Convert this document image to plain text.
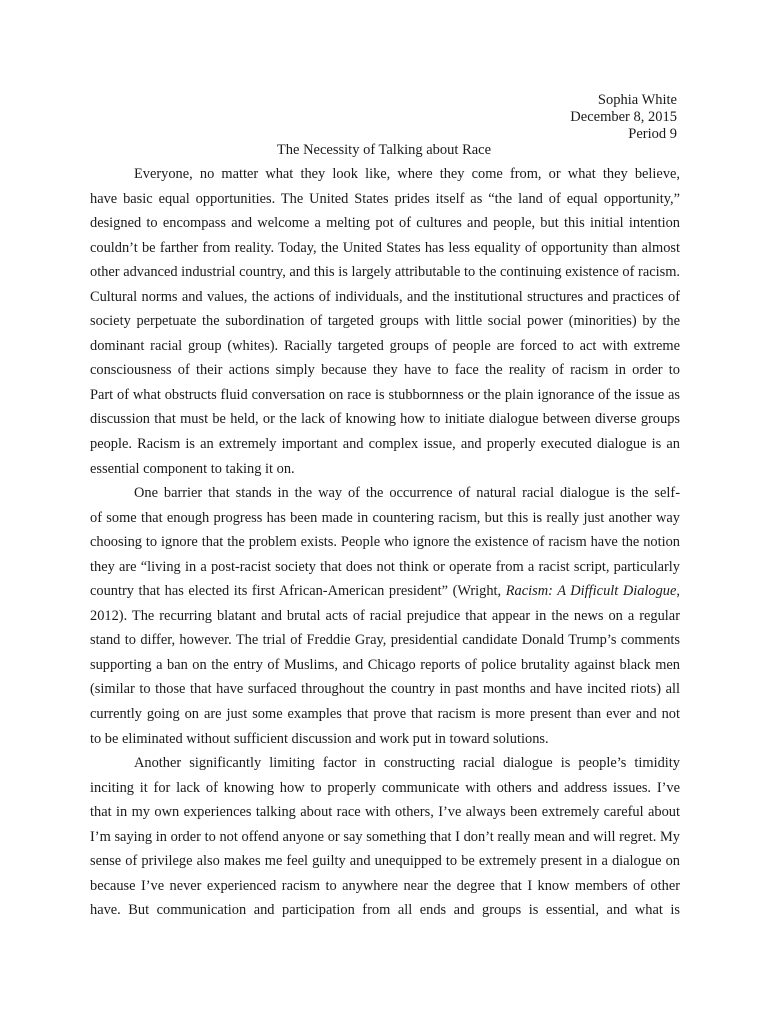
Sophia White
December 8, 2015
Period 9
The Necessity of Talking about Race
Everyone, no matter what they look like, where they come from, or what they believe,
have basic equal opportunities. The United States prides itself as “the land of equal opportunity,”
designed to encompass and welcome a melting pot of cultures and people, but this initial intention
couldn’t be farther from reality. Today, the United States has less equality of opportunity than almost
other advanced industrial country, and this is largely attributable to the continuing existence of racism.
Cultural norms and values, the actions of individuals, and the institutional structures and practices of
society perpetuate the subordination of targeted groups with little social power (minorities) by the
dominant racial group (whites). Racially targeted groups of people are forced to act with extreme
consciousness of their actions simply because they have to face the reality of racism in order to
Part of what obstructs fluid conversation on race is stubbornness or the plain ignorance of the issue as
discussion that must be held, or the lack of knowing how to initiate dialogue between diverse groups
people. Racism is an extremely important and complex issue, and properly executed dialogue is an
essential component to taking it on.
One barrier that stands in the way of the occurrence of natural racial dialogue is the self-
of some that enough progress has been made in countering racism, but this is really just another way
choosing to ignore that the problem exists. People who ignore the existence of racism have the notion
they are “living in a post-racist society that does not think or operate from a racist script, particularly
country that has elected its first African-American president” (Wright, Racism: A Difficult Dialogue,
2012). The recurring blatant and brutal acts of racial prejudice that appear in the news on a regular
stand to differ, however. The trial of Freddie Gray, presidential candidate Donald Trump’s comments
supporting a ban on the entry of Muslims, and Chicago reports of police brutality against black men
(similar to those that have surfaced throughout the country in past months and have incited riots) all
currently going on are just some examples that prove that racism is more present than ever and not
to be eliminated without sufficient discussion and work put in toward solutions.
Another significantly limiting factor in constructing racial dialogue is people’s timidity
inciting it for lack of knowing how to properly communicate with others and address issues. I’ve
that in my own experiences talking about race with others, I’ve always been extremely careful about
I’m saying in order to not offend anyone or say something that I don’t really mean and will regret. My
sense of privilege also makes me feel guilty and unequipped to be extremely present in a dialogue on
because I’ve never experienced racism to anywhere near the degree that I know members of other
have. But communication and participation from all ends and groups is essential, and what is
